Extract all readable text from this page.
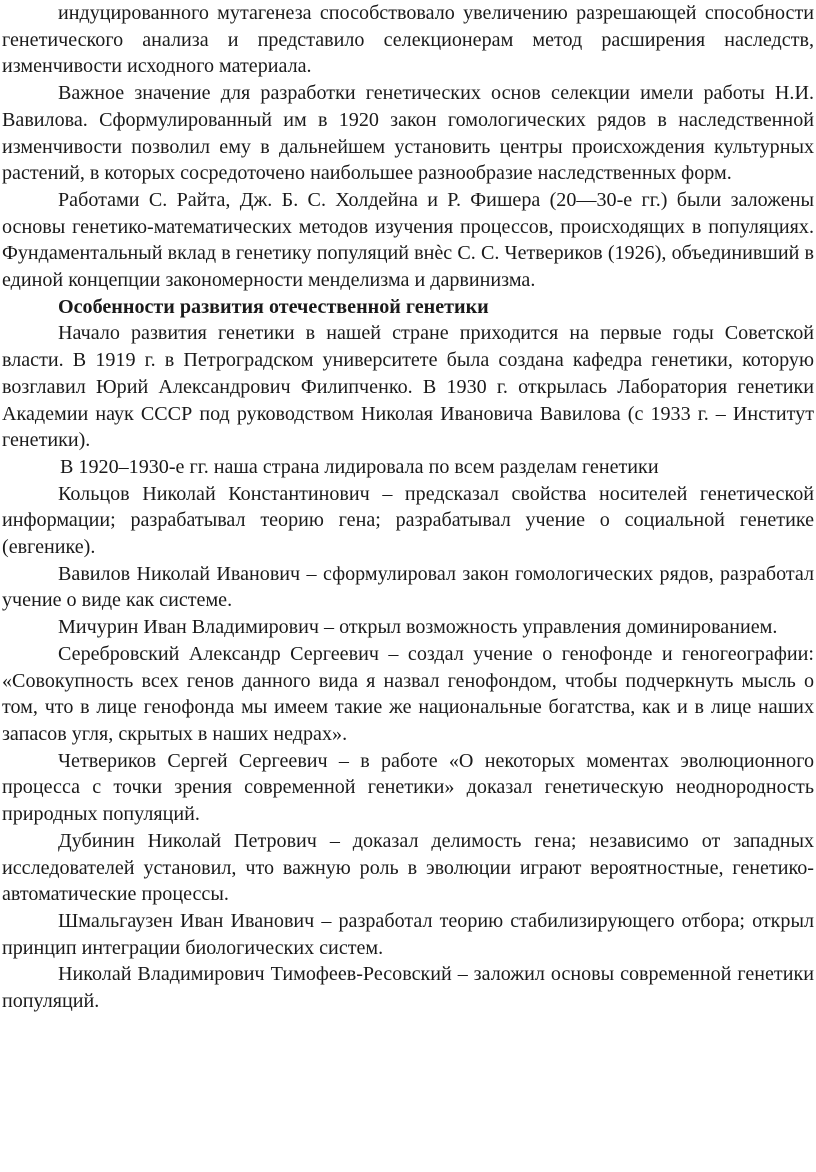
индуцированного мутагенеза способствовало увеличению разрешающей способности генетического анализа и представило селекционерам метод расширения наследств, изменчивости исходного материала.

Важное значение для разработки генетических основ селекции имели работы Н.И. Вавилова. Сформулированный им в 1920 закон гомологических рядов в наследственной изменчивости позволил ему в дальнейшем установить центры происхождения культурных растений, в которых сосредоточено наибольшее разнообразие наследственных форм.

Работами С. Райта, Дж. Б. С. Холдейна и Р. Фишера (20—30-е гг.) были заложены основы генетико-математических методов изучения процессов, происходящих в популяциях. Фундаментальный вклад в генетику популяций внѐс С. С. Четвериков (1926), объединивший в единой концепции закономерности менделизма и дарвинизма.

Особенности развития отечественной генетики

Начало развития генетики в нашей стране приходится на первые годы Советской власти. В 1919 г. в Петроградском университете была создана кафедра генетики, которую возглавил Юрий Александрович Филипченко. В 1930 г. открылась Лаборатория генетики Академии наук СССР под руководством Николая Ивановича Вавилова (с 1933 г. – Институт генетики).

В 1920–1930-е гг. наша страна лидировала по всем разделам генетики

Кольцов Николай Константинович – предсказал свойства носителей генетической информации; разрабатывал теорию гена; разрабатывал учение о социальной генетике (евгенике).

Вавилов Николай Иванович – сформулировал закон гомологических рядов, разработал учение о виде как системе.

Мичурин Иван Владимирович – открыл возможность управления доминированием.

Серебровский Александр Сергеевич – создал учение о генофонде и геногеографии: «Совокупность всех генов данного вида я назвал генофондом, чтобы подчеркнуть мысль о том, что в лице генофонда мы имеем такие же национальные богатства, как и в лице наших запасов угля, скрытых в наших недрах».

Четвериков Сергей Сергеевич – в работе «О некоторых моментах эволюционного процесса с точки зрения современной генетики» доказал генетическую неоднородность природных популяций.

Дубинин Николай Петрович – доказал делимость гена; независимо от западных исследователей установил, что важную роль в эволюции играют вероятностные, генетико-автоматические процессы.

Шмальгаузен Иван Иванович – разработал теорию стабилизирующего отбора; открыл принцип интеграции биологических систем.

Николай Владимирович Тимофеев-Ресовский – заложил основы современной генетики популяций.
